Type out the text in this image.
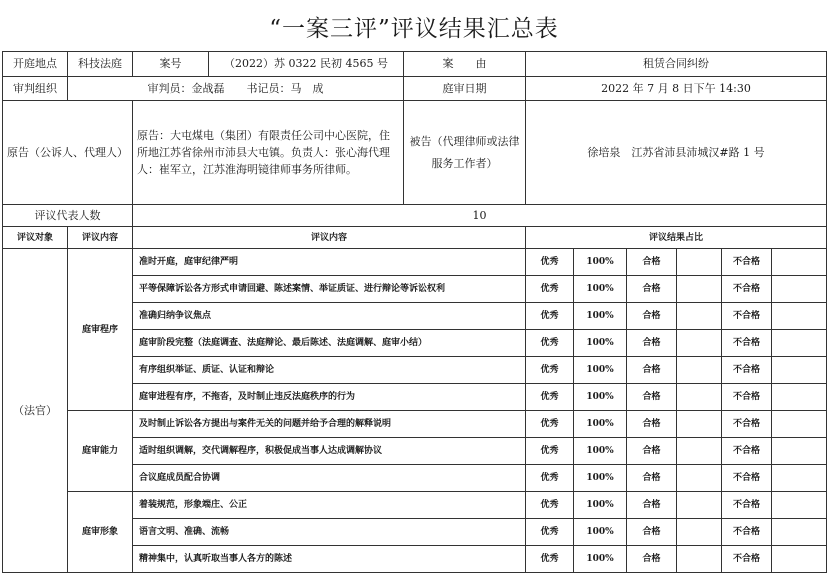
“一案三评”评议结果汇总表
开庭地点	科技法庭	案号	（2022）苏 0322 民初 4565 号	案　　由	租赁合同纠纷					
审判组织	审判员：金战磊　　书记员：马　成			庭审日期	2022 年 7 月 8 日下午 14:30					
原告（公诉人、代理人）		原告：大屯煤电（集团）有限责任公司中心医院，住所地江苏省徐州市沛县大屯镇。负责人：张心海代理人：崔军立，江苏淮海明镜律师事务所律师。		被告（代理律师或法律服务工作者）	徐培泉　江苏省沛县沛城汉#路 1 号					
评议代表人数		10								
评议对象	评议内容	评议内容			评议结果占比					
（法官）	庭审程序	准时开庭，庭审纪律严明			优秀	100%	合格		不合格	
		平等保障诉讼各方形式申请回避、陈述案情、举证质证、进行辩论等诉讼权利			优秀	100%	合格		不合格	
		准确归纳争议焦点			优秀	100%	合格		不合格	
		庭审阶段完整（法庭调查、法庭辩论、最后陈述、法庭调解、庭审小结）			优秀	100%	合格		不合格	
		有序组织举证、质证、认证和辩论			优秀	100%	合格		不合格	
		庭审进程有序，不拖沓，及时制止违反法庭秩序的行为			优秀	100%	合格		不合格	
	庭审能力	及时制止诉讼各方提出与案件无关的问题并给予合理的解释说明			优秀	100%	合格		不合格	
		适时组织调解，交代调解程序，积极促成当事人达成调解协议			优秀	100%	合格		不合格	
		合议庭成员配合协调			优秀	100%	合格		不合格	
	庭审形象	着装规范，形象端庄、公正			优秀	100%	合格		不合格	
		语言文明、准确、流畅			优秀	100%	合格		不合格	
		精神集中，认真听取当事人各方的陈述			优秀	100%	合格		不合格	
